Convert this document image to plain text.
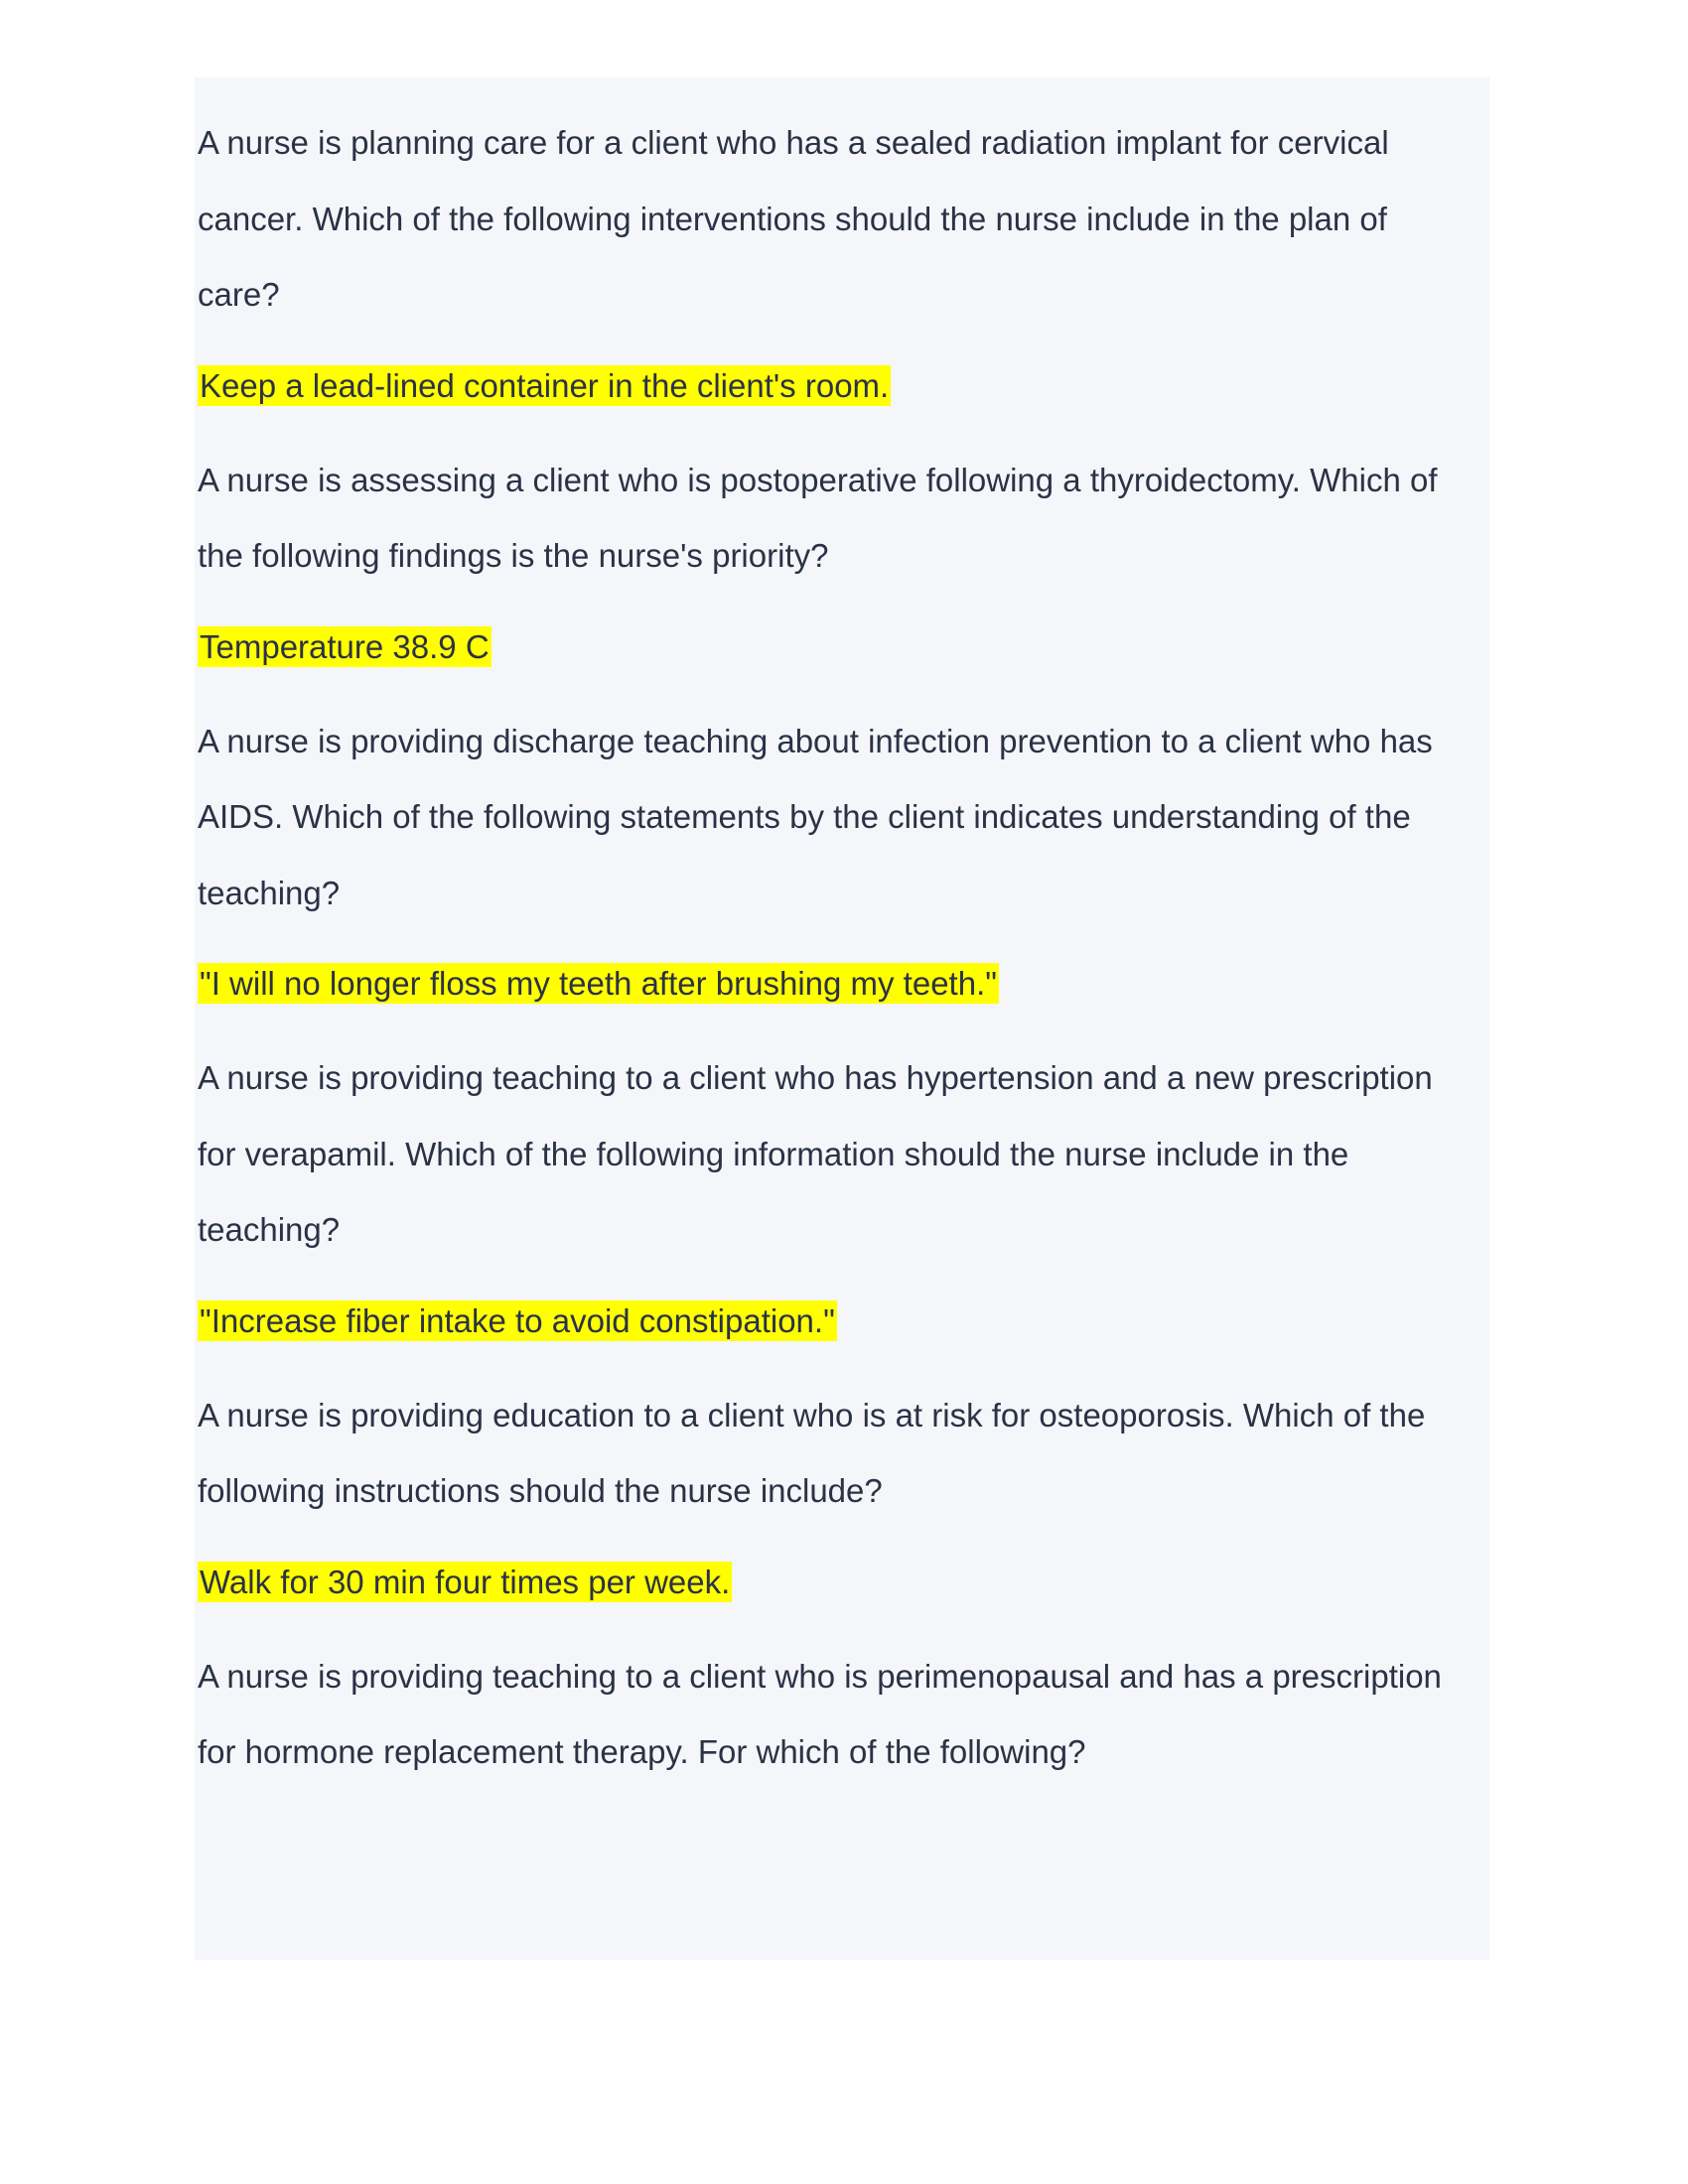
A nurse is planning care for a client who has a sealed radiation implant for cervical cancer. Which of the following interventions should the nurse include in the plan of care?

Keep a lead-lined container in the client's room.

A nurse is assessing a client who is postoperative following a thyroidectomy. Which of the following findings is the nurse's priority?

Temperature 38.9 C

A nurse is providing discharge teaching about infection prevention to a client who has AIDS. Which of the following statements by the client indicates understanding of the teaching?

"I will no longer floss my teeth after brushing my teeth."

A nurse is providing teaching to a client who has hypertension and a new prescription for verapamil. Which of the following information should the nurse include in the teaching?

"Increase fiber intake to avoid constipation."

A nurse is providing education to a client who is at risk for osteoporosis. Which of the following instructions should the nurse include?

Walk for 30 min four times per week.

A nurse is providing teaching to a client who is perimenopausal and has a prescription for hormone replacement therapy. For which of the following?
